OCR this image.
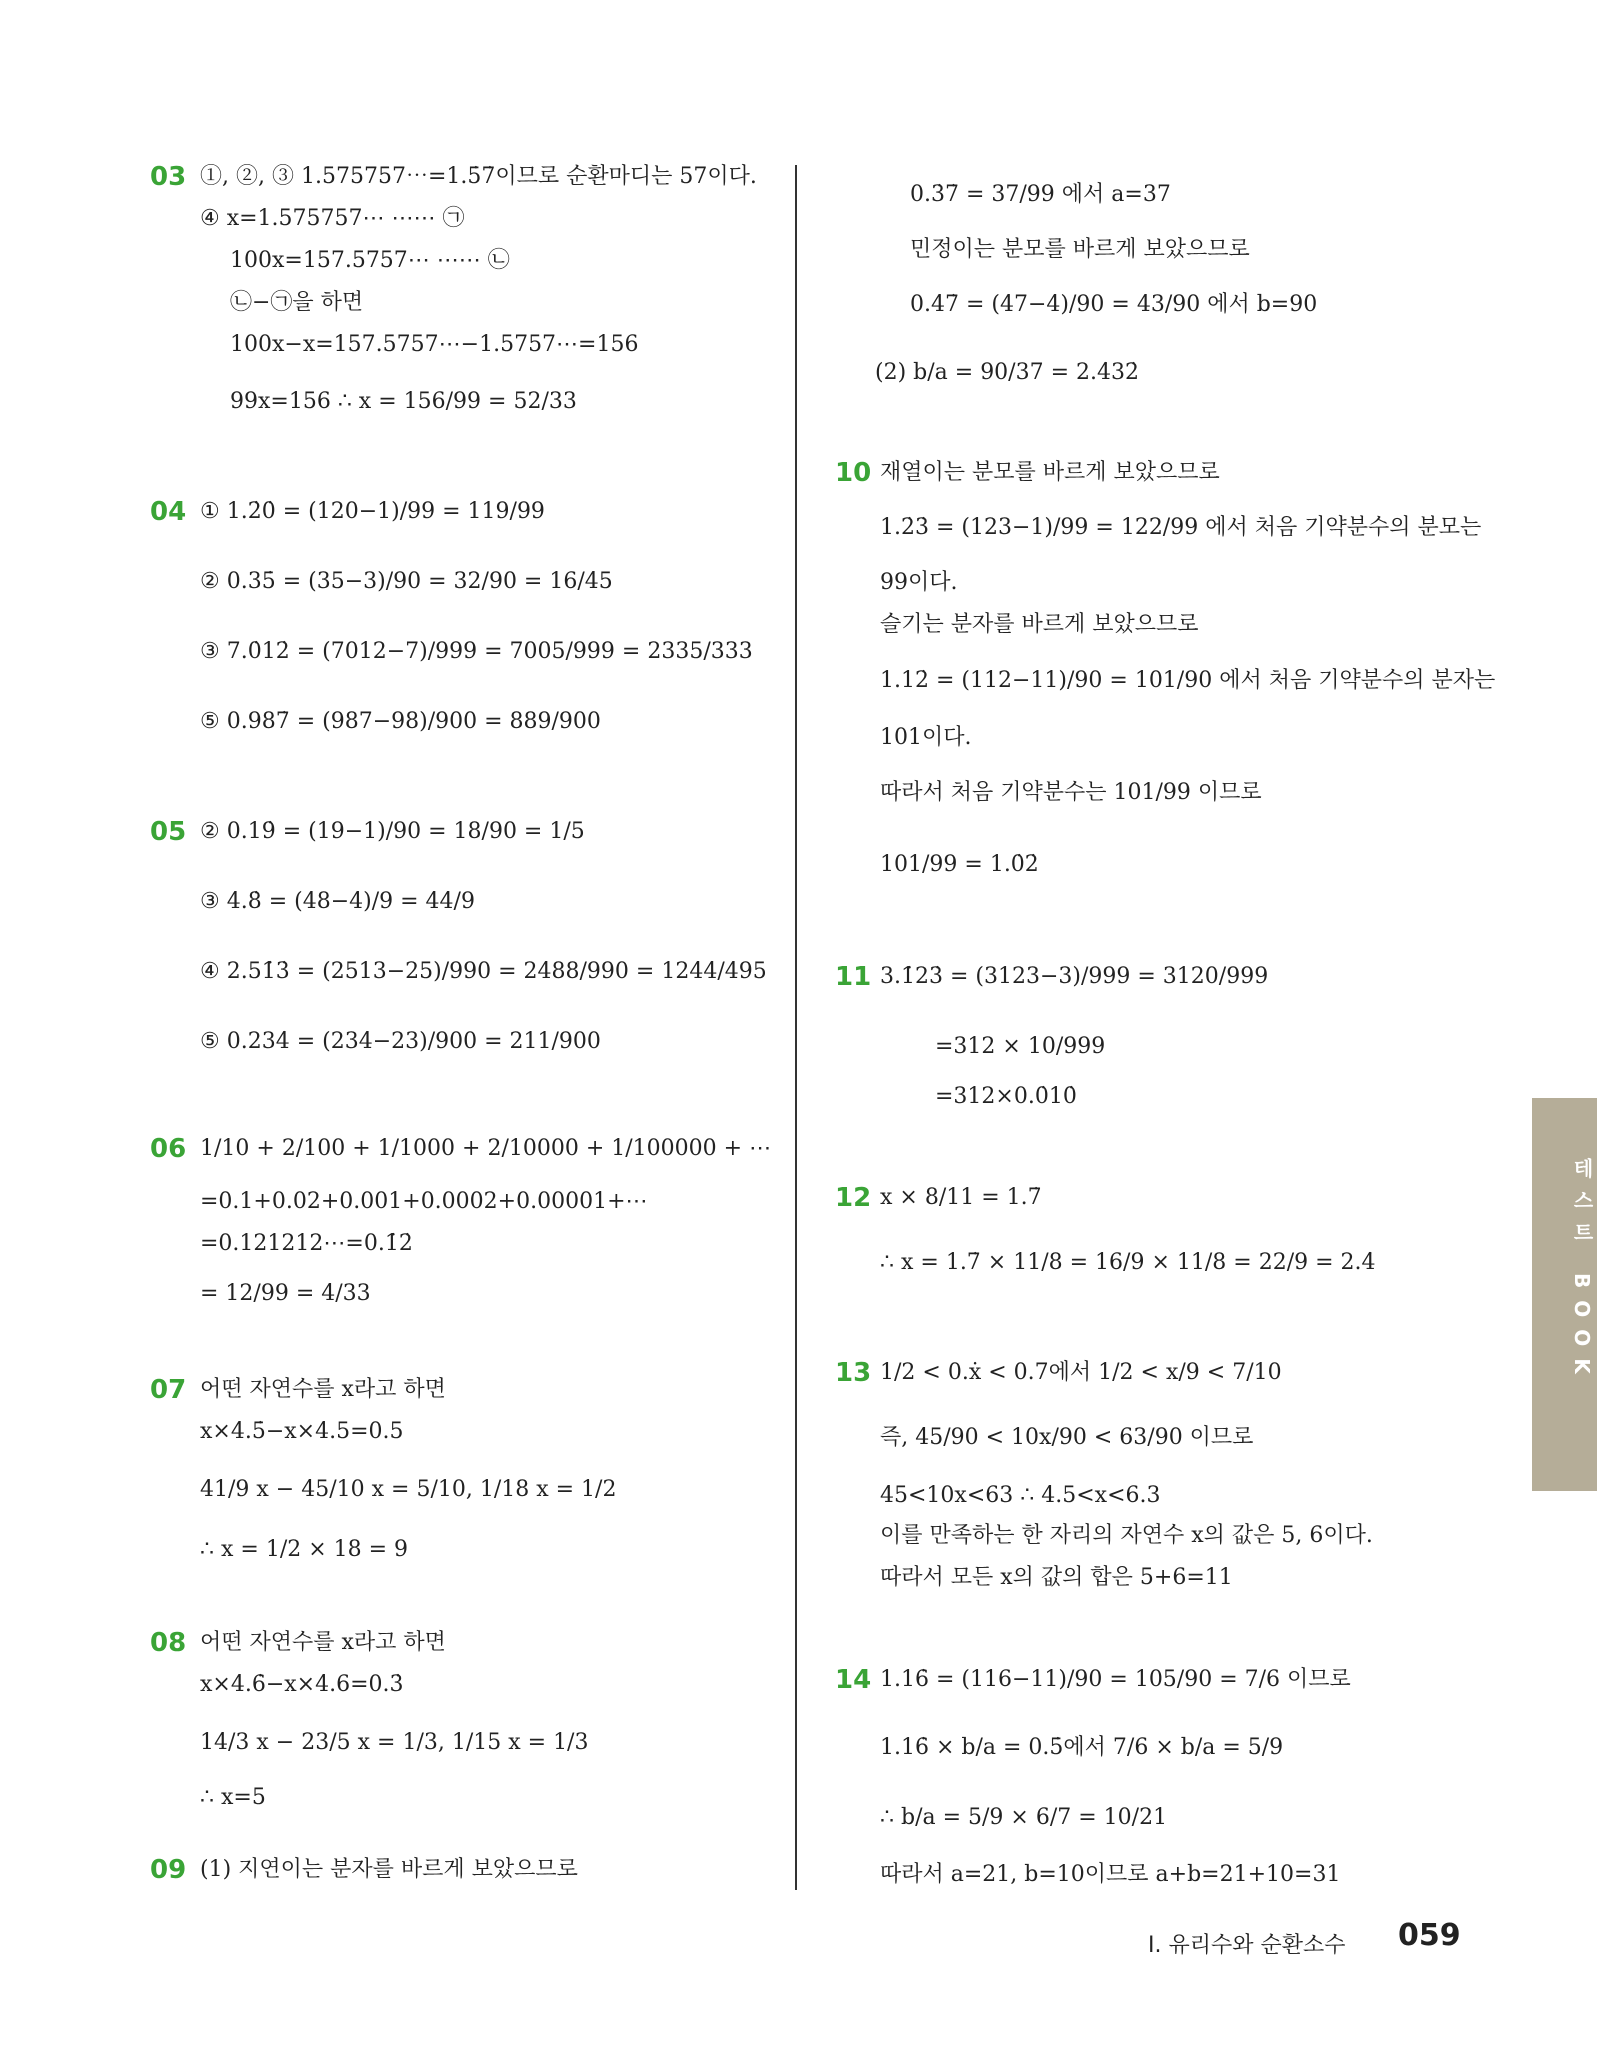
03 ①, ②, ③ 1.575757⋯=1.5̇7̇이므로 순환마디는 57이다.
④ x=1.575757⋯ ⋯⋯ ㉠
100x=157.5757⋯ ⋯⋯ ㉡
㉡−㉠을 하면
100x−x=157.5757⋯−1.5757⋯=156
99x=156 ∴ x = 156/99 = 52/33
04 ① 1.2̇0̇ = (120−1)/99 = 119/99
② 0.35̇ = (35−3)/90 = 32/90 = 16/45
③ 7.0̇12̇ = (7012−7)/999 = 7005/999 = 2335/333
⑤ 0.987̇ = (987−98)/900 = 889/900
05 ② 0.19̇ = (19−1)/90 = 18/90 = 1/5
③ 4.8̇ = (48−4)/9 = 44/9
④ 2.51̇3̇ = (2513−25)/990 = 2488/990 = 1244/495
⑤ 0.234̇ = (234−23)/900 = 211/900
06 1/10 + 2/100 + 1/1000 + 2/10000 + 1/100000 + ⋯
=0.1+0.02+0.001+0.0002+0.00001+⋯
=0.121212⋯=0.1̇2̇
= 12/99 = 4/33
07 어떤 자연수를 x라고 하면
x×4.5̇−x×4.5=0.5
41/9 x − 45/10 x = 5/10, 1/18 x = 1/2
∴ x = 1/2 × 18 = 9
08 어떤 자연수를 x라고 하면
x×4.6̇−x×4.6=0.3̇
14/3 x − 23/5 x = 1/3, 1/15 x = 1/3
∴ x=5
09 (1) 지연이는 분자를 바르게 보았으므로
0.3̇7̇ = 37/99 에서 a=37
민정이는 분모를 바르게 보았으므로
0.47̇ = (47−4)/90 = 43/90 에서 b=90
(2) b/a = 90/37 = 2.4̇32̇
10 재열이는 분모를 바르게 보았으므로
1.2̇3̇ = (123−1)/99 = 122/99 에서 처음 기약분수의 분모는
99이다.
슬기는 분자를 바르게 보았으므로
1.12̇ = (112−11)/90 = 101/90 에서 처음 기약분수의 분자는
101이다.
따라서 처음 기약분수는 101/99 이므로
101/99 = 1.0̇2̇
11 3.1̇23̇ = (3123−3)/999 = 3120/999
=312 × 10/999
=312×0.0̇10̇
12 x × 8/11 = 1.7̇
∴ x = 1.7̇ × 11/8 = 16/9 × 11/8 = 22/9 = 2.4̇
13 1/2 < 0.ẋ < 0.7에서 1/2 < x/9 < 7/10
즉, 45/90 < 10x/90 < 63/90 이므로
45<10x<63 ∴ 4.5<x<6.3
이를 만족하는 한 자리의 자연수 x의 값은 5, 6이다.
따라서 모든 x의 값의 합은 5+6=11
14 1.16̇ = (116−11)/90 = 105/90 = 7/6 이므로
1.16̇ × b/a = 0.5̇에서 7/6 × b/a = 5/9
∴ b/a = 5/9 × 6/7 = 10/21
따라서 a=21, b=10이므로 a+b=21+10=31
테스트 BOOK
Ⅰ. 유리수와 순환소수 059
